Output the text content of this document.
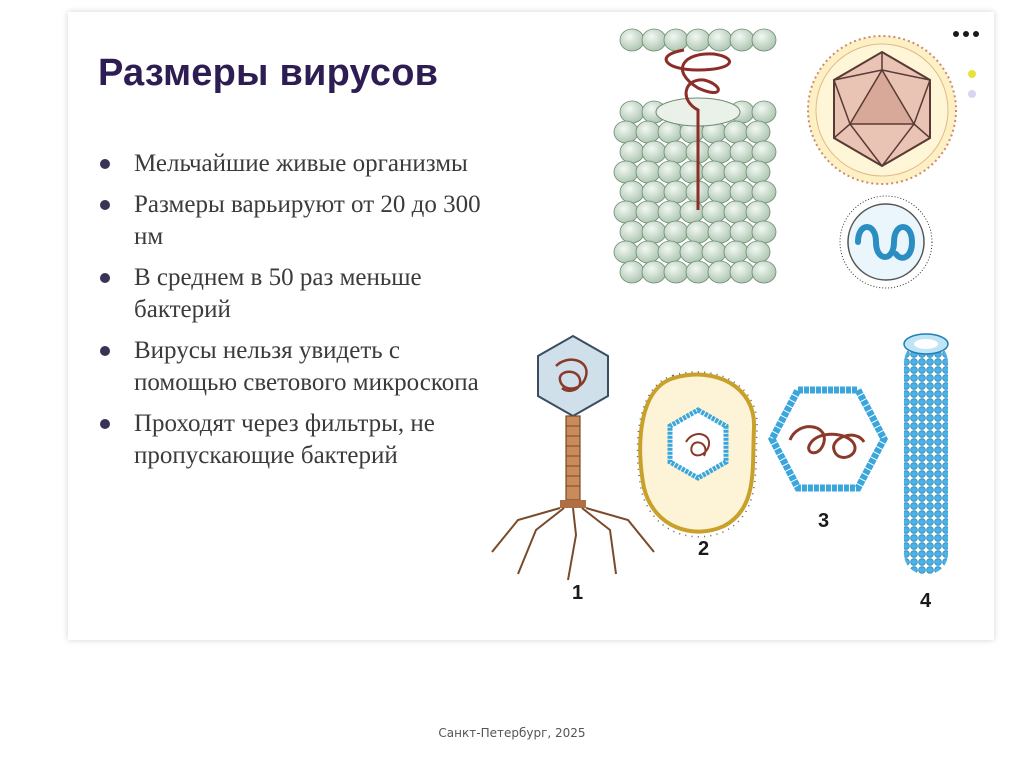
Размеры вирусов
Мельчайшие живые организмы
Размеры варьируют от 20 до 300 нм
В среднем в 50 раз меньше бактерий
Вирусы нельзя увидеть с помощью светового микроскопа
Проходят через фильтры, не пропускающие бактерий
1
2
3
4
Санкт-Петербург, 2025
